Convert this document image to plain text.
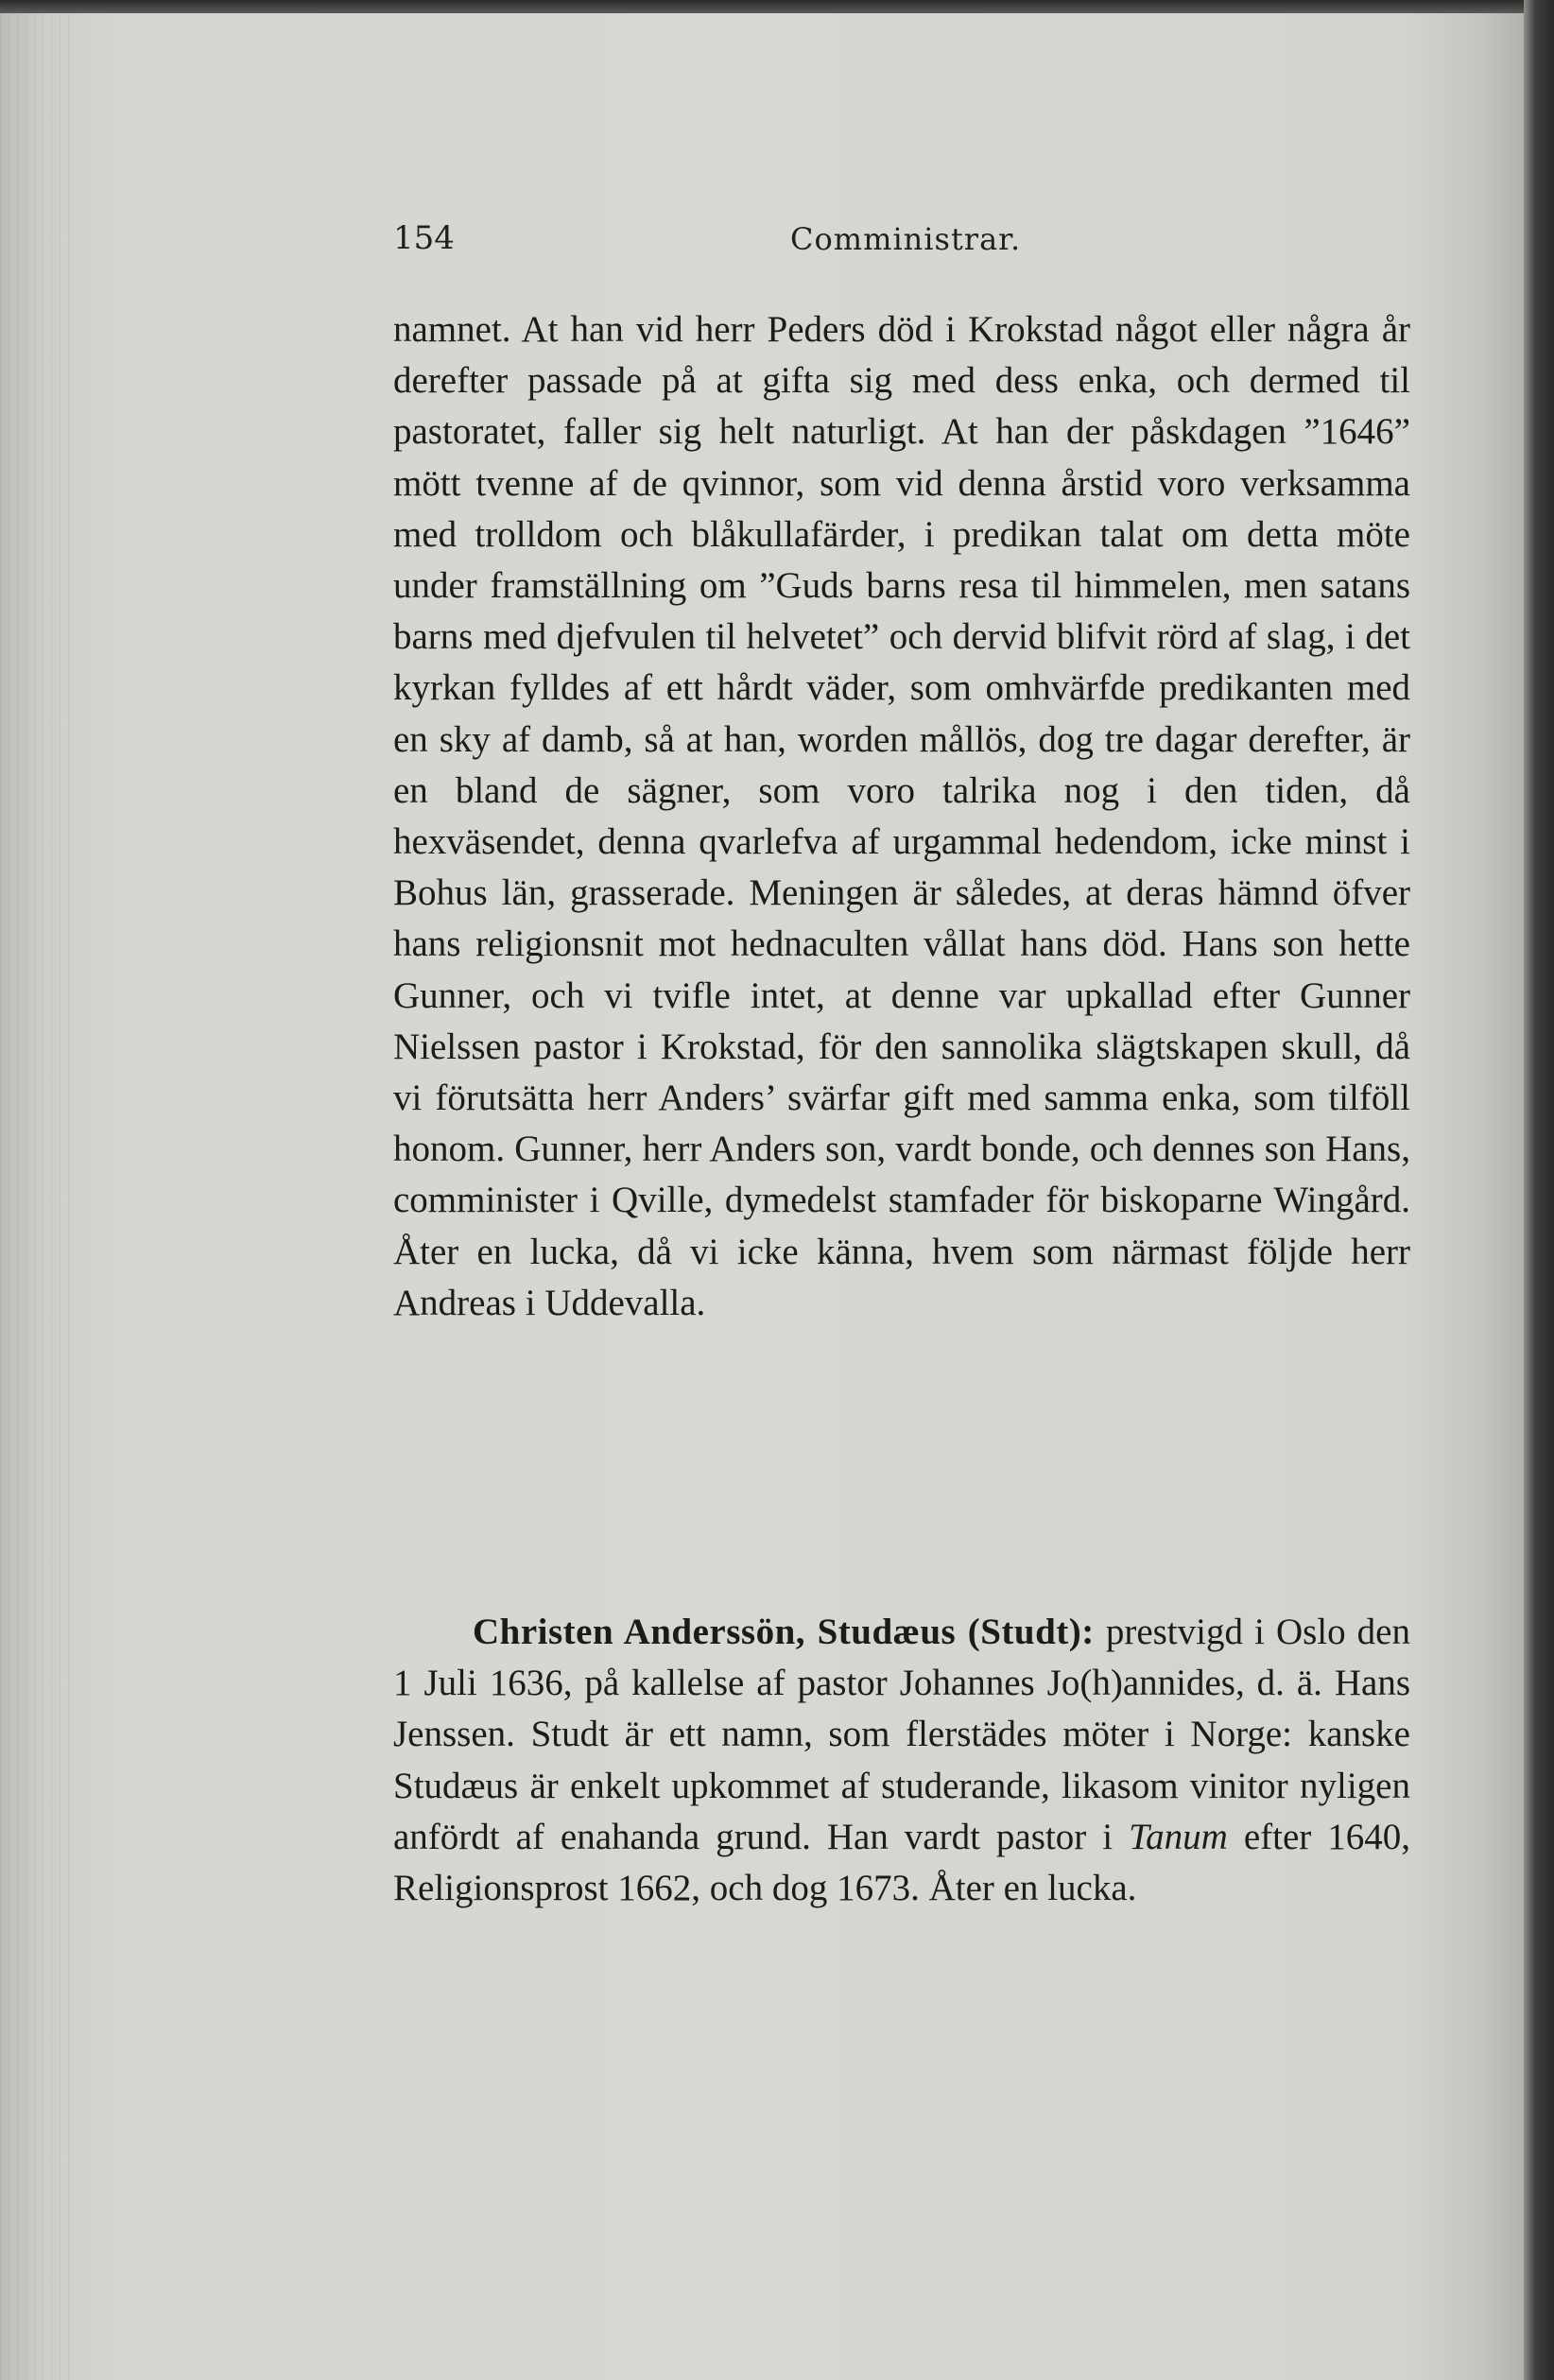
154	Comministrar.
namnet. At han vid herr Peders död i Krokstad något eller några år derefter passade på at gifta sig med dess enka, och dermed til pastoratet, faller sig helt naturligt. At han der påskdagen ”1646” mött tvenne af de qvinnor, som vid denna årstid voro verksamma med trolldom och blåkullafärder, i predikan talat om detta möte under framställning om ”Guds barns resa til himmelen, men satans barns med djefvulen til helvetet” och dervid blifvit rörd af slag, i det kyrkan fylldes af ett hårdt väder, som omhvärfde predikanten med en sky af damb, så at han, worden mållös, dog tre dagar derefter, är en bland de sägner, som voro talrika nog i den tiden, då hexväsendet, denna qvarlefva af urgammal hedendom, icke minst i Bohus län, grasserade. Meningen är således, at deras hämnd öfver hans religionsnit mot hednaculten vållat hans död. Hans son hette Gunner, och vi tvifle intet, at denne var upkallad efter Gunner Nielssen pastor i Krokstad, för den sannolika slägtskapen skull, då vi förutsätta herr Anders’ svärfar gift med samma enka, som tilföll honom. Gunner, herr Anders son, vardt bonde, och dennes son Hans, comminister i Qville, dymedelst stamfader för biskoparne Wingård. Åter en lucka, då vi icke känna, hvem som närmast följde herr Andreas i Uddevalla.
Christen Anderssön, Studæus (Studt): prestvigd i Oslo den 1 Juli 1636, på kallelse af pastor Johannes Jo(h)annides, d. ä. Hans Jenssen. Studt är ett namn, som flerstädes möter i Norge: kanske Studæus är enkelt upkommet af studerande, likasom vinitor nyligen anfördt af enahanda grund. Han vardt pastor i Tanum efter 1640, Religionsprost 1662, och dog 1673. Åter en lucka.
